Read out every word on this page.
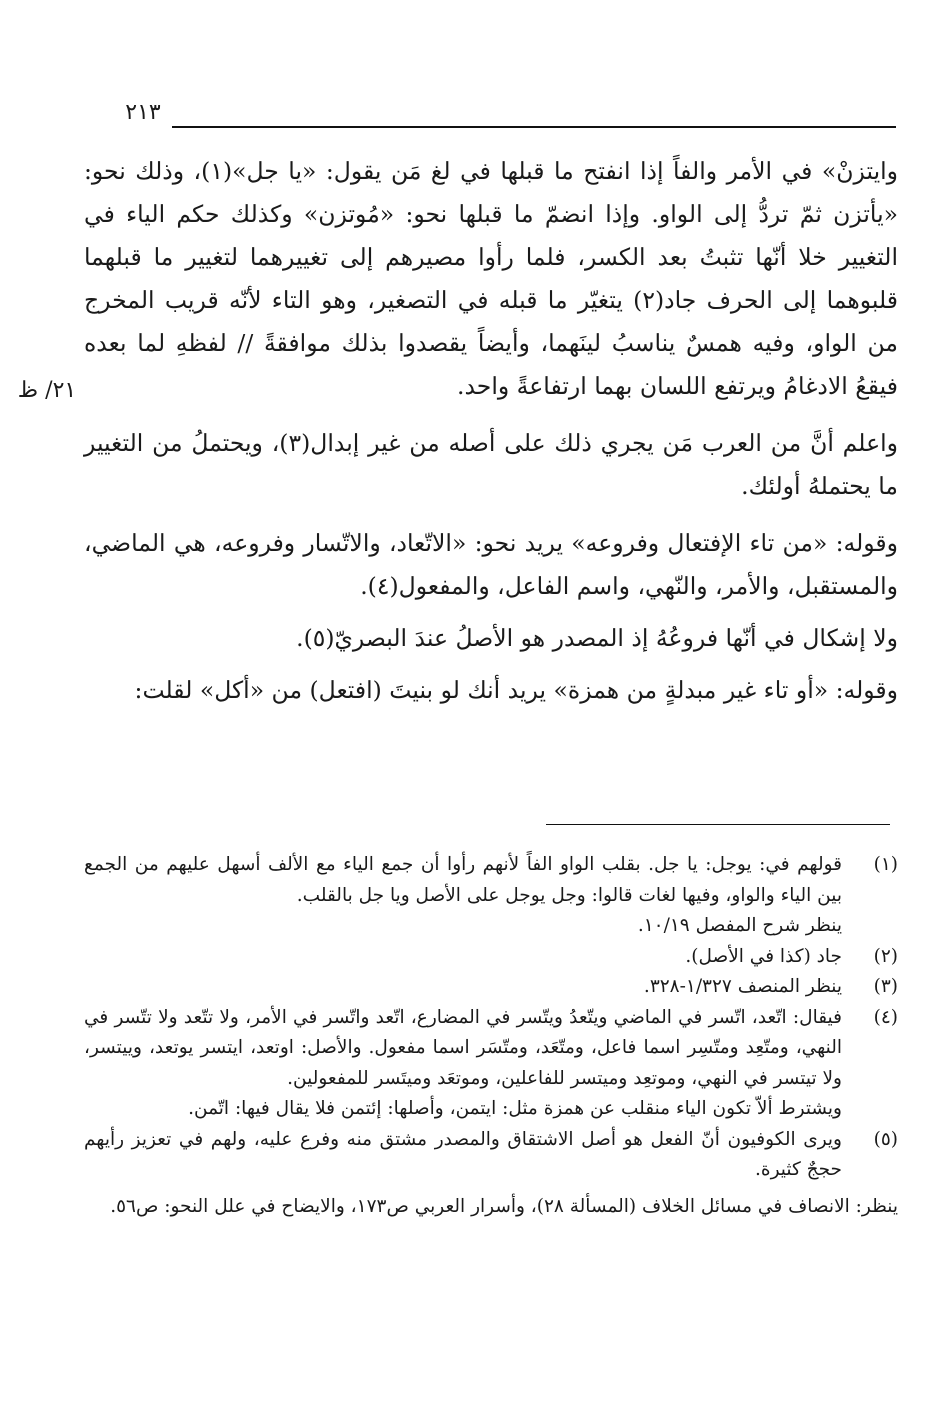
٢١٣
٢١/ ظ

وايتزنْ» في الأمر والفاً إذا انفتح ما قبلها في لغ مَن يقول: «يا جل»(١)، وذلك نحو: «يأتزن ثمّ تردُّ إلى الواو. وإذا انضمّ ما قبلها نحو: «مُوتزن» وكذلك حكم الياء في التغيير خلا أنّها تثبتُ بعد الكسر، فلما رأوا مصيرهم إلى تغييرهما لتغيير ما قبلهما قلبوهما إلى الحرف جاد(٢) يتغيّر ما قبله في التصغير، وهو التاء لأنّه قريب المخرج من الواو، وفيه همسٌ يناسبُ لينَهما، وأيضاً يقصدوا بذلك موافقةً // لفظهِ لما بعده فيقعُ الادغامُ ويرتفع اللسان بهما ارتفاعةً واحد.

واعلم أنَّ من العرب مَن يجري ذلك على أصله من غير إبدال(٣)، ويحتملُ من التغيير ما يحتملهُ أولئك.

وقوله: «من تاء الإفتعال وفروعه» يريد نحو: «الاتّعاد، والاتّسار وفروعه، هي الماضي، والمستقبل، والأمر، والنّهي، واسم الفاعل، والمفعول(٤).

ولا إشكال في أنّها فروعُهُ إذ المصدر هو الأصلُ عندَ البصريّ(٥).

وقوله: «أو تاء غير مبدلةٍ من همزة» يريد أنك لو بنيتَ (افتعل) من «أكل» لقلت:

(١)
قولهم في: يوجل: يا جل. بقلب الواو الفاً لأنهم رأوا أن جمع الياء مع الألف أسهل عليهم من الجمع بين الياء والواو، وفيها لغات قالوا: وجل يوجل على الأصل ويا جل بالقلب.
ينظر شرح المفصل ١٠/١٩.
(٢)
جاد (كذا في الأصل).
(٣)
ينظر المنصف ١/٣٢٧-٣٢٨.
(٤)
فيقال: اتّعد، اتّسر في الماضي ويتّعدُ ويتّسر في المضارع، اتّعد واتّسر في الأمر، ولا تتّعد ولا تتّسر في النهي، ومتّعِد ومتّسِر اسما فاعل، ومتّعَد، ومتّسَر اسما مفعول. والأصل: اوتعد، ايتسر يوتعد، وييتسر، ولا تيتسر في النهي، وموتعِد وميتسر للفاعلين، وموتعَد وميتَسر للمفعولين.
ويشترط ألاّ تكون الياء منقلب عن همزة مثل: ايتمن، وأصلها: إئتمن فلا يقال فيها: اتّمن.
(٥)
ويرى الكوفيون أنّ الفعل هو أصل الاشتقاق والمصدر مشتق منه وفرع عليه، ولهم في تعزيز رأيهم حججٌ كثيرة.
ينظر: الانصاف في مسائل الخلاف (المسألة ٢٨)، وأسرار العربي ص١٧٣، والايضاح في علل النحو: ص٥٦.
